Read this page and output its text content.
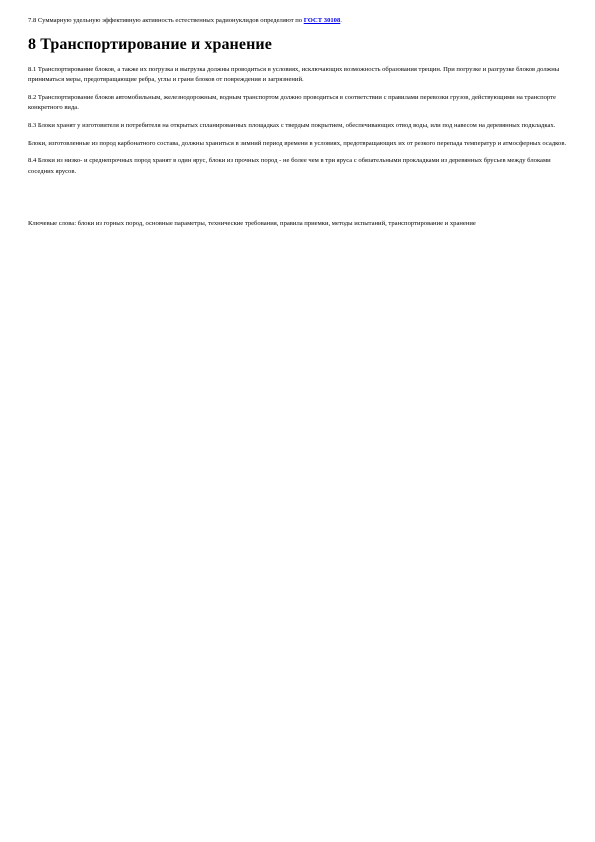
7.8 Суммарную удельную эффективную активность естественных радионуклидов определяют по ГОСТ 30108.

8 Транспортирование и хранение

8.1 Транспортирование блоков, а также их погрузка и выгрузка должны проводиться в условиях, исключающих возможность образования трещин. При погрузке и разгрузке блоков должны приниматься меры, предотвращающие ребра, углы и грани блоков от повреждения и загрязнений.

8.2 Транспортирование блоков автомобильным, железнодорожным, водным транспортом должно проводиться в соответствии с правилами перевозки грузов, действующими на транспорте конкретного вида.

8.3 Блоки хранят у изготовителя и потребителя на открытых спланированных площадках с твердым покрытием, обеспечивающих отвод воды, или под навесом на деревянных подкладках.

Блоки, изготовленные из пород карбонатного состава, должны храниться в зимний период времени в условиях, предотвращающих их от резкого перепада температур и атмосферных осадков.

8.4 Блоки из низко- и среднепрочных пород хранят в один ярус, блоки из прочных пород - не более чем в три яруса с обязательными прокладками из деревянных брусьев между блоками соседних ярусов.

Ключевые слова: блоки из горных пород, основные параметры, технические требования, правила приемки, методы испытаний, транспортирование и хранение
